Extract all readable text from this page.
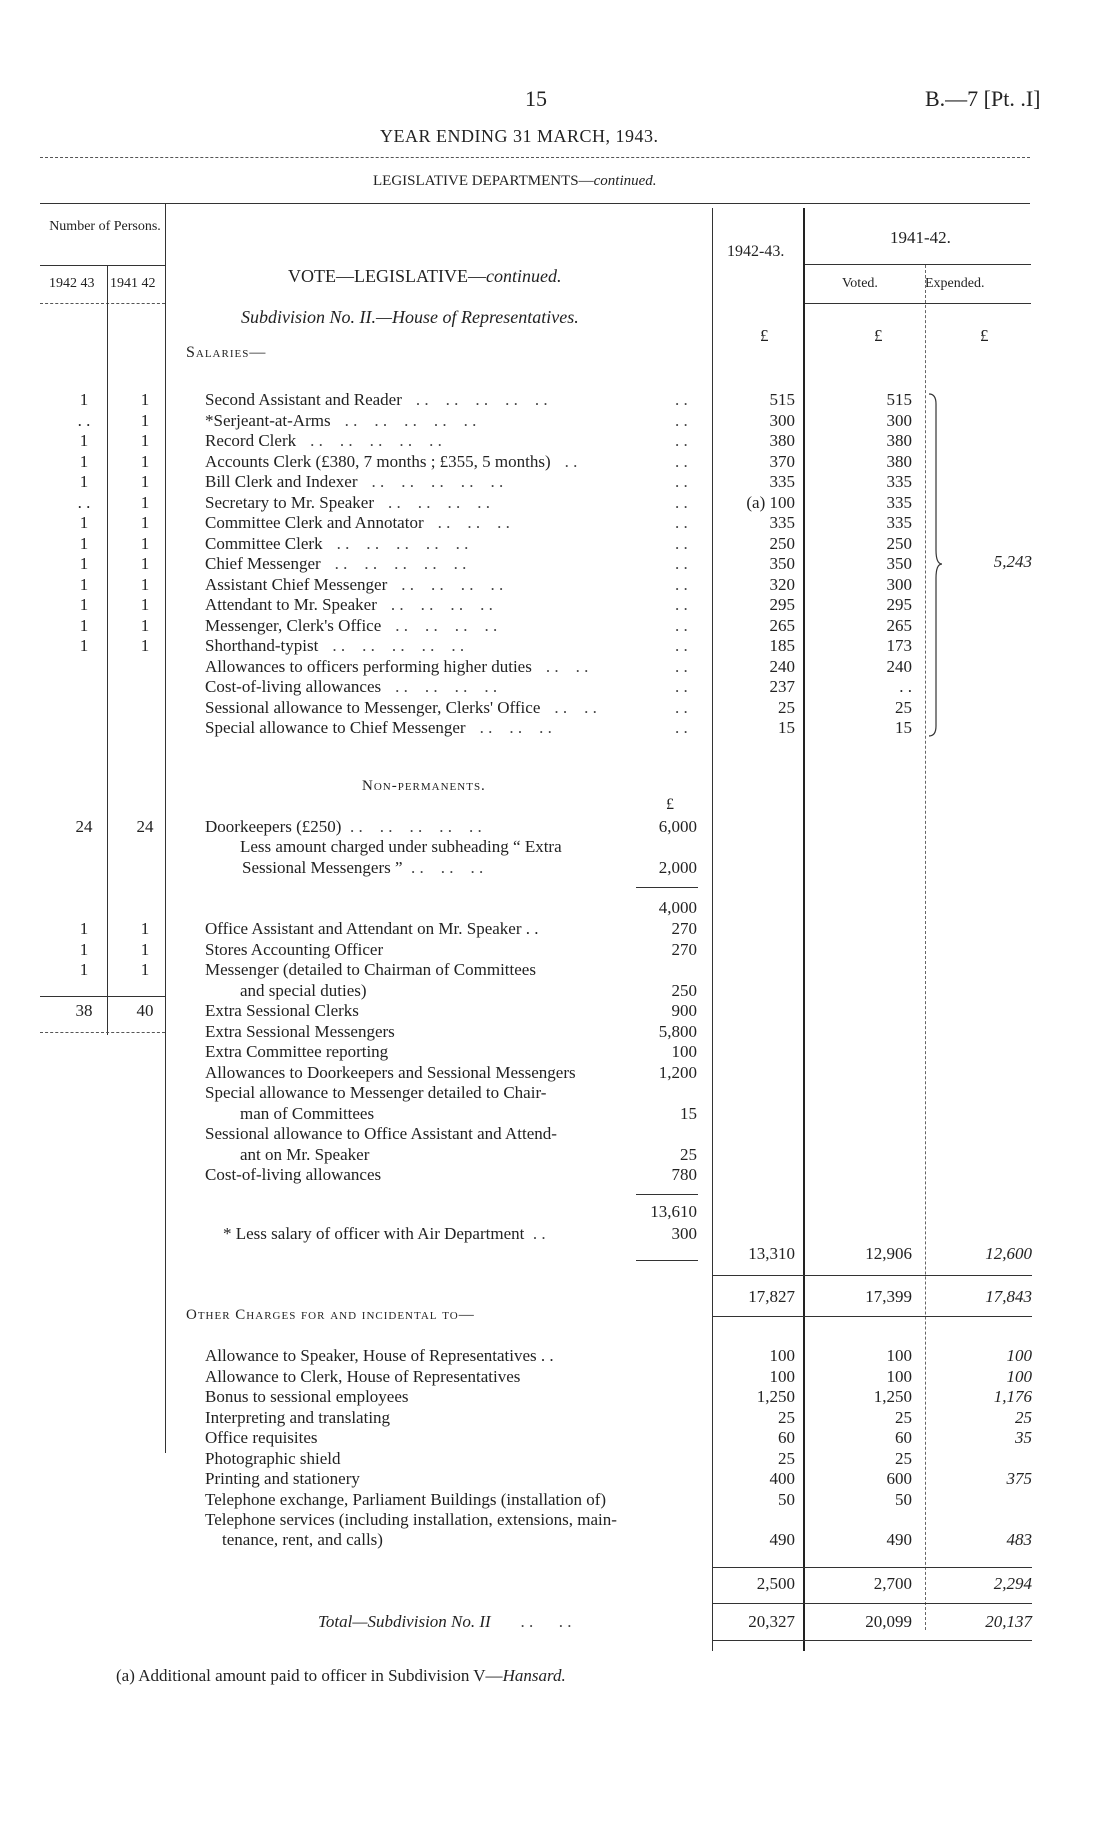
15	B.—7 [Pt. .I]
YEAR ENDING 31 MARCH, 1943.
LEGISLATIVE DEPARTMENTS—continued.
Number of Persons.
1942 43 1941 42	VOTE—LEGISLATIVE—continued.
1942-43.
1941-42.
Voted.	Expended.
Subdivision No. II.—House of Representatives.
£	£	£
Salaries—
1	1	Second Assistant and Reader . .    . .    . .    . .    . .	. .	515	515
. .	1	*Serjeant-at-Arms . .    . .    . .    . .    . .	. .	300	300
1	1	Record Clerk . .    . .    . .    . .    . .	. .	380	380
1	1	Accounts Clerk (£380, 7 months ; £355, 5 months) . .	. .	370	380
1	1	Bill Clerk and Indexer . .    . .    . .    . .    . .	. .	335	335
. .	1	Secretary to Mr. Speaker . .    . .    . .    . .	. .	(a) 100	335
1	1	Committee Clerk and Annotator . .    . .    . .	. .	335	335
1	1	Committee Clerk . .    . .    . .    . .    . .	. .	250	250
1	1	Chief Messenger . .    . .    . .    . .    . .	. .	350	350
1	1	Assistant Chief Messenger . .    . .    . .    . .	. .	320	300
1	1	Attendant to Mr. Speaker . .    . .    . .    . .	. .	295	295
1	1	Messenger, Clerk's Office . .    . .    . .    . .	. .	265	265
1	1	Shorthand-typist . .    . .    . .    . .    . .	. .	185	173
Allowances to officers performing higher duties . .    . .	. .	240	240
Cost-of-living allowances . .    . .    . .    . .	. .	237	. .
Sessional allowance to Messenger, Clerks' Office . .    . .	. .	25	25
Special allowance to Chief Messenger . .    . .    . .	. .	15	15
5,243
Non-permanents.
£
24	24	Doorkeepers (£250)  . .    . .    . .    . .    . .	6,000
Less amount charged under subheading “ Extra
Sessional Messengers ”  . .    . .    . .	2,000
4,000
1	1	Office Assistant and Attendant on Mr. Speaker . .	270
1	1	Stores Accounting Officer	270
1	1	Messenger (detailed to Chairman of Committees
and special duties)	250
38	40	Extra Sessional Clerks	900
Extra Sessional Messengers	5,800
Extra Committee reporting	100
Allowances to Doorkeepers and Sessional Messengers	1,200
Special allowance to Messenger detailed to Chair-
man of Committees	15
Sessional allowance to Office Assistant and Attend-
ant on Mr. Speaker	25
Cost-of-living allowances	780
13,610
* Less salary of officer with Air Department  . .	300
13,310	12,906	12,600
17,827	17,399	17,843
Other Charges for and incidental to—
Allowance to Speaker, House of Representatives . .	100	100	100
Allowance to Clerk, House of Representatives	100	100	100
Bonus to sessional employees	1,250	1,250	1,176
Interpreting and translating	25	25	25
Office requisites	60	60	35
Photographic shield	25	25
Printing and stationery	400	600	375
Telephone exchange, Parliament Buildings (installation of)	50	50
Telephone services (including installation, extensions, main-
tenance, rent, and calls)	490	490	483
2,500	2,700	2,294
Total—Subdivision No. II       . .      . .	20,327	20,099	20,137
(a) Additional amount paid to officer in Subdivision V—Hansard.
